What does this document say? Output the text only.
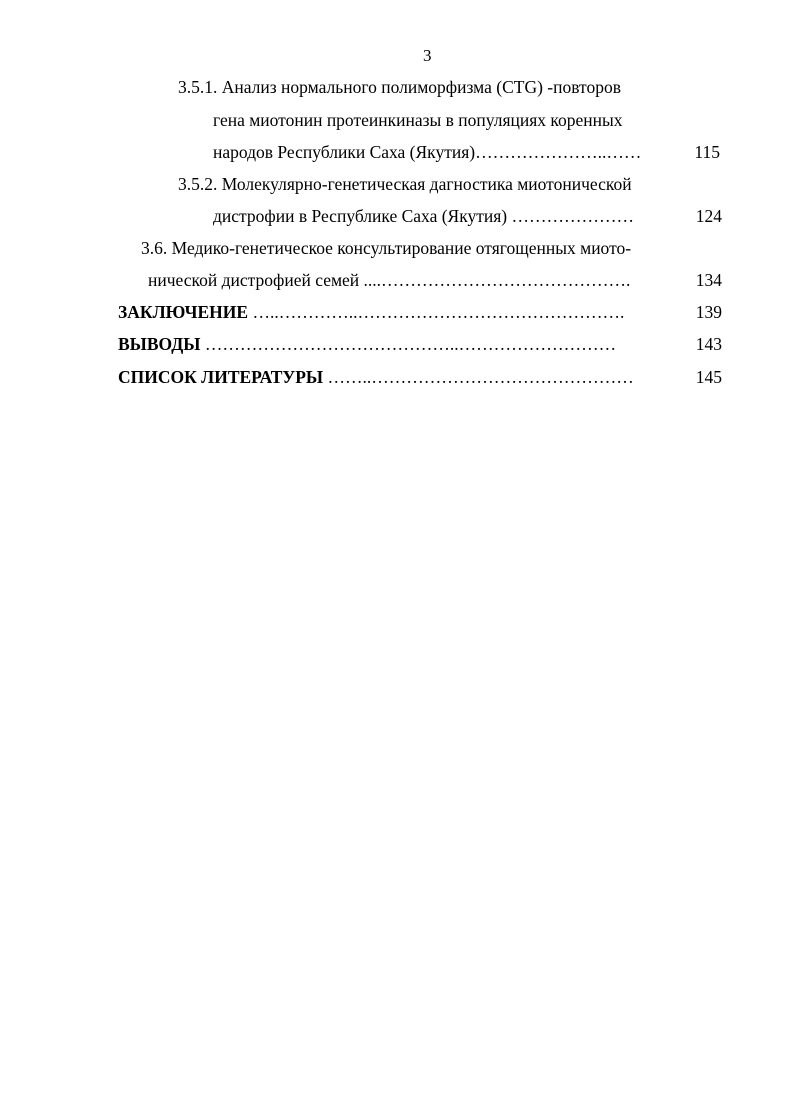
3
3.5.1. Анализ нормального полиморфизма (CTG) -повторов
гена миотонин протеинкиназы в популяциях коренных
народов Республики Саха (Якутия)…………………..……	115
3.5.2. Молекулярно-генетическая дагностика миотонической
дистрофии в Республике Саха (Якутия) …………………	124
3.6. Медико-генетическое консультирование отягощенных миото-
нической дистрофией семей ....…………………………………….	134
ЗАКЛЮЧЕНИЕ …..…………..……………………………………….	139
ВЫВОДЫ ……………………………………..………………………	143
СПИСОК ЛИТЕРАТУРЫ ……..………………………………………	145
